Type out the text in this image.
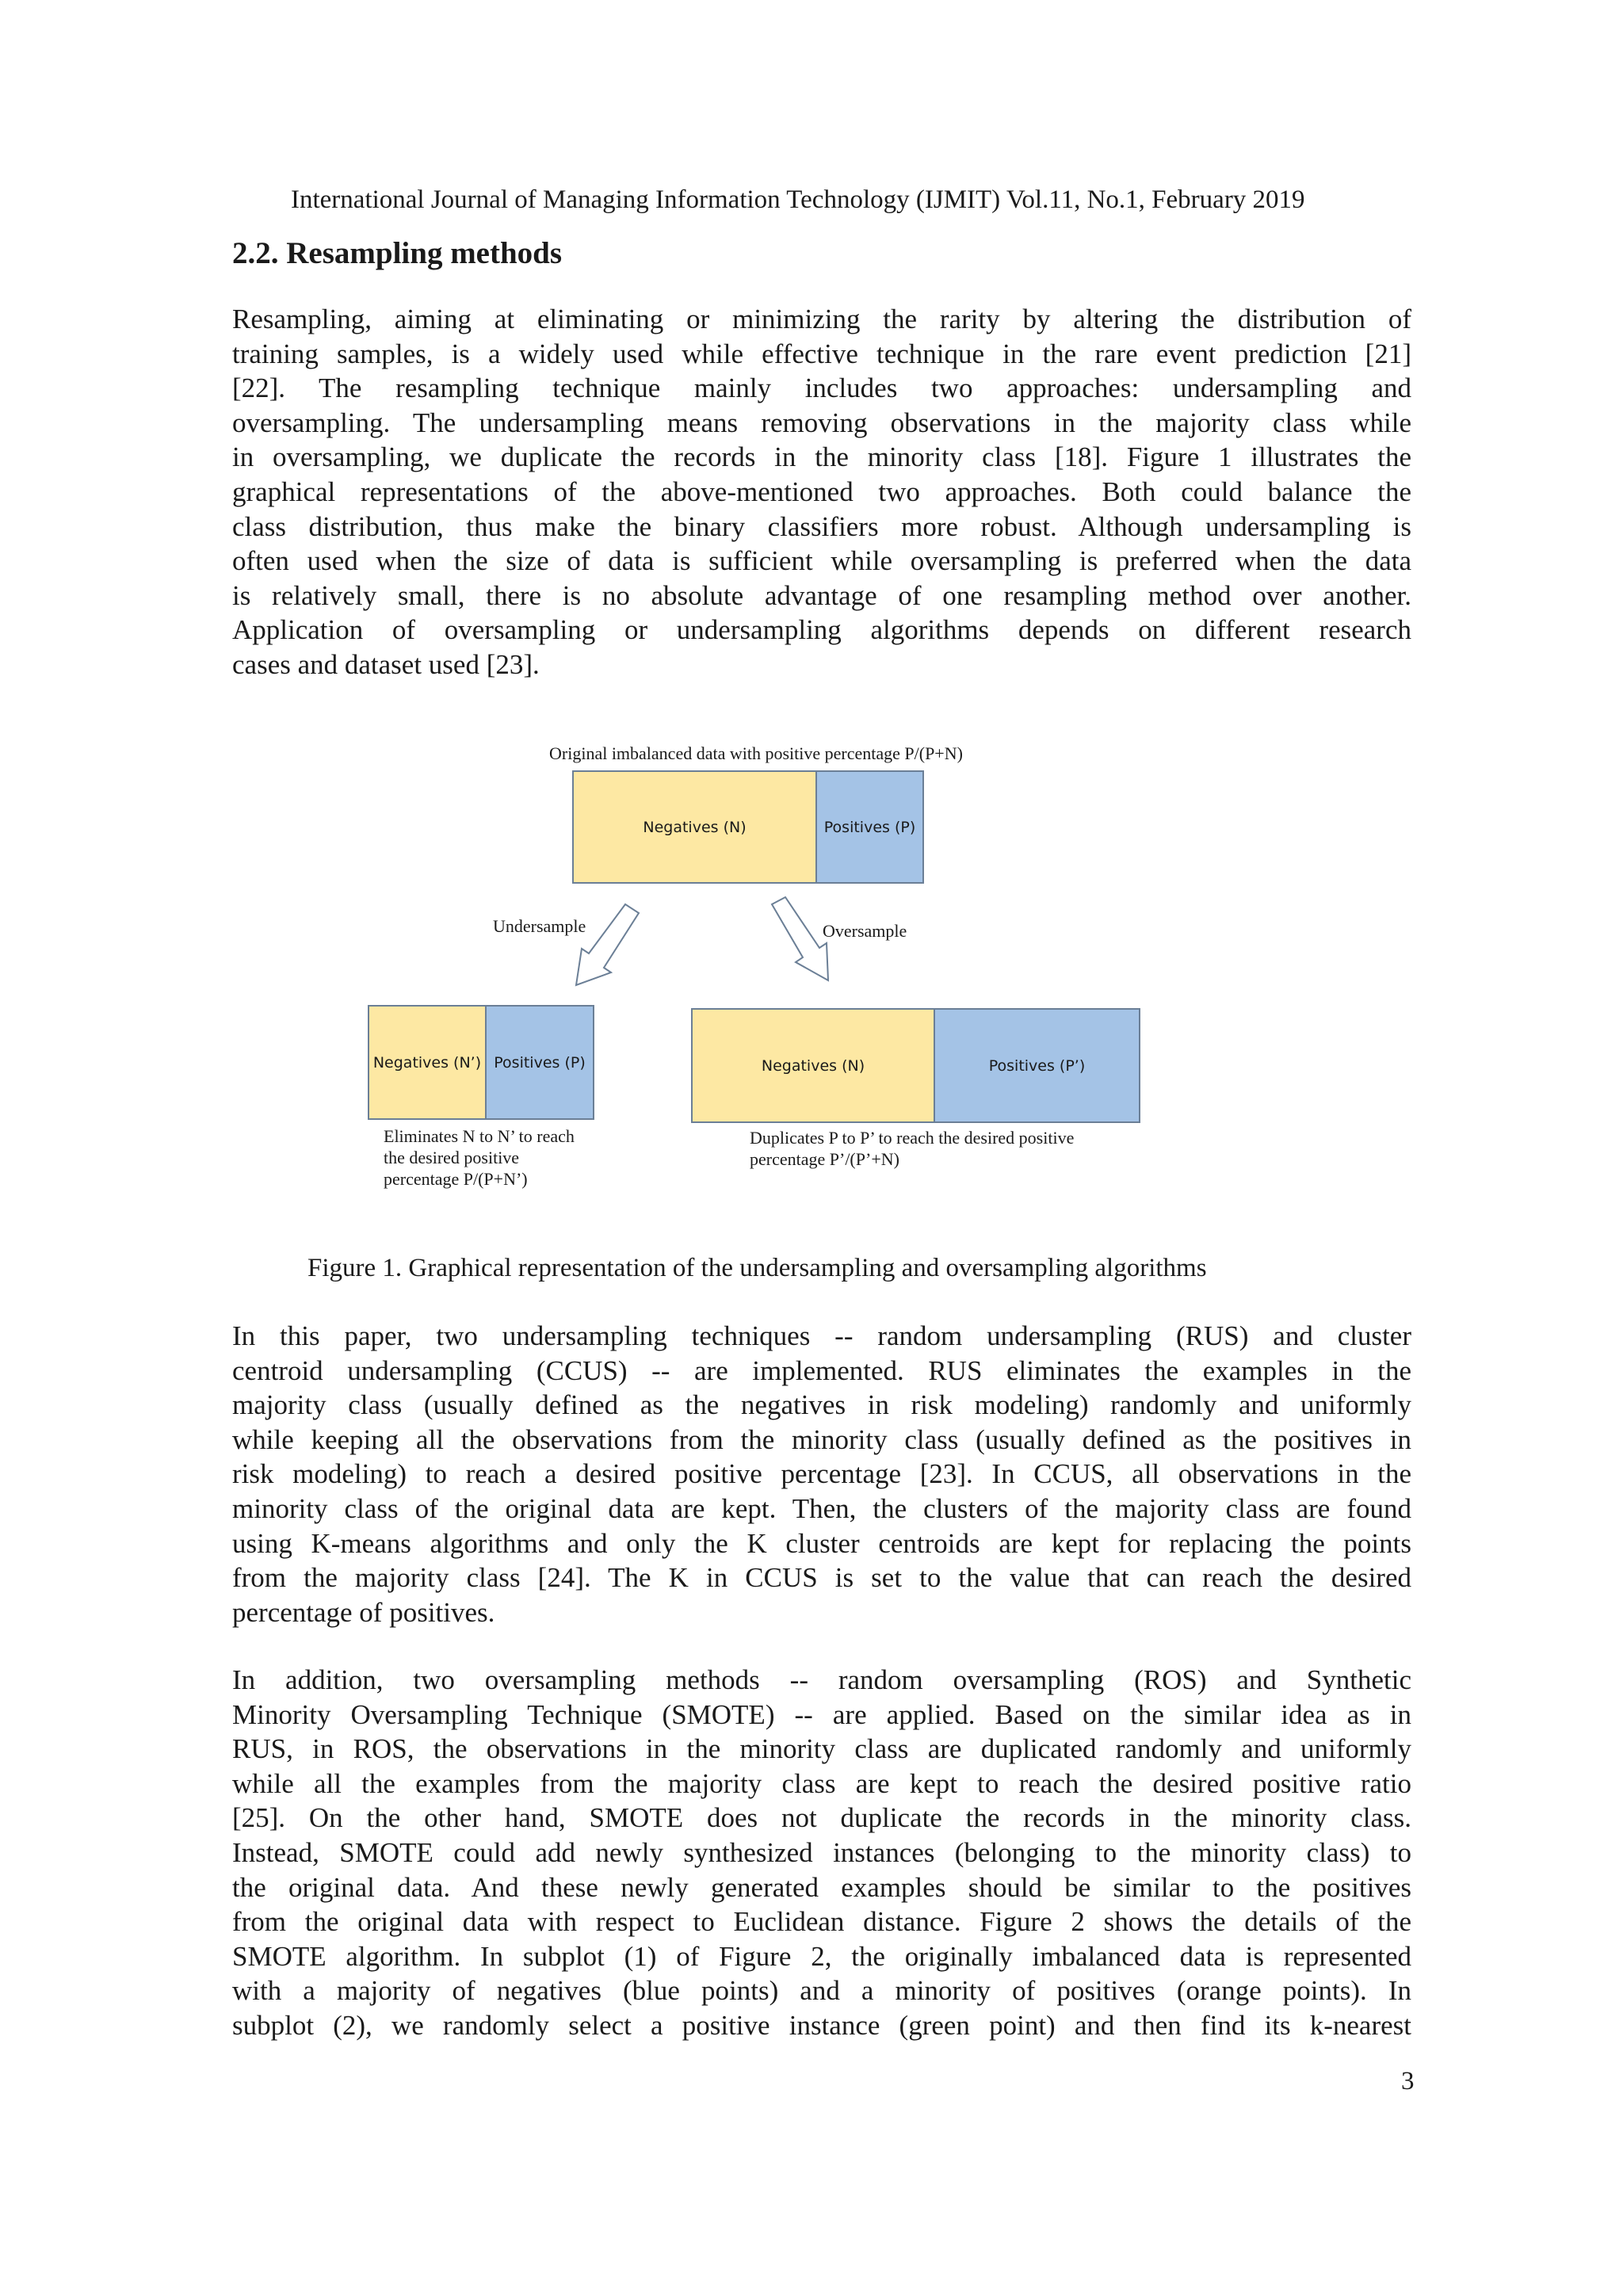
International Journal of Managing Information Technology (IJMIT) Vol.11, No.1, February 2019
2.2. Resampling methods
Resampling, aiming at eliminating or minimizing the rarity by altering the distribution of
training samples, is a widely used while effective technique in the rare event prediction [21]
[22]. The resampling technique mainly includes two approaches: undersampling and
oversampling. The undersampling means removing observations in the majority class while
in oversampling, we duplicate the records in the minority class [18]. Figure 1 illustrates the
graphical representations of the above-mentioned two approaches. Both could balance the
class distribution, thus make the binary classifiers more robust. Although undersampling is
often used when the size of data is sufficient while oversampling is preferred when the data
is relatively small, there is no absolute advantage of one resampling method over another.
Application of oversampling or undersampling algorithms depends on different research
cases and dataset used [23].
Original imbalanced data with positive percentage P/(P+N)
Negatives (N)	Positives (P)
Undersample	Oversample
Negatives (N’) Positives (P)	Negatives (N)	Positives (P’)
Eliminates N to N’ to reach
the desired positive
percentage P/(P+N’)
Duplicates P to P’ to reach the desired positive
percentage P’/(P’+N)
Figure 1. Graphical representation of the undersampling and oversampling algorithms
In this paper, two undersampling techniques -- random undersampling (RUS) and cluster
centroid undersampling (CCUS) -- are implemented. RUS eliminates the examples in the
majority class (usually defined as the negatives in risk modeling) randomly and uniformly
while keeping all the observations from the minority class (usually defined as the positives in
risk modeling) to reach a desired positive percentage [23]. In CCUS, all observations in the
minority class of the original data are kept. Then, the clusters of the majority class are found
using K-means algorithms and only the K cluster centroids are kept for replacing the points
from the majority class [24]. The K in CCUS is set to the value that can reach the desired
percentage of positives.
In addition, two oversampling methods -- random oversampling (ROS) and Synthetic
Minority Oversampling Technique (SMOTE) -- are applied. Based on the similar idea as in
RUS, in ROS, the observations in the minority class are duplicated randomly and uniformly
while all the examples from the majority class are kept to reach the desired positive ratio
[25]. On the other hand, SMOTE does not duplicate the records in the minority class.
Instead, SMOTE could add newly synthesized instances (belonging to the minority class) to
the original data. And these newly generated examples should be similar to the positives
from the original data with respect to Euclidean distance. Figure 2 shows the details of the
SMOTE algorithm. In subplot (1) of Figure 2, the originally imbalanced data is represented
with a majority of negatives (blue points) and a minority of positives (orange points). In
subplot (2), we randomly select a positive instance (green point) and then find its k-nearest
3
